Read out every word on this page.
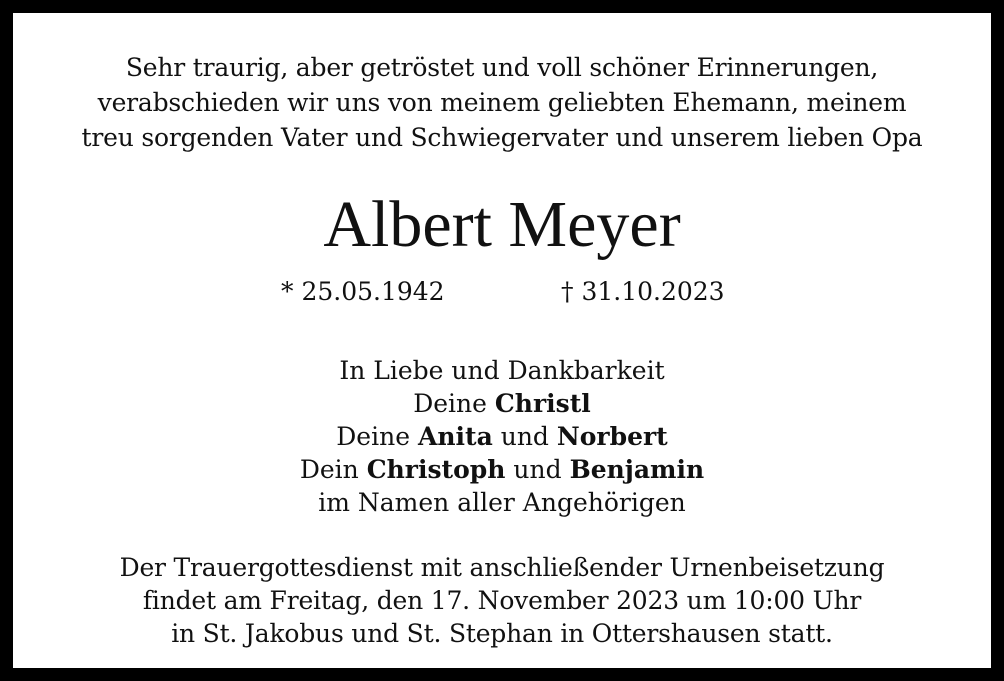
Sehr traurig, aber getröstet und voll schöner Erinnerungen,
verabschieden wir uns von meinem geliebten Ehemann, meinem
treu sorgenden Vater und Schwiegervater und unserem lieben Opa
Albert Meyer
* 25.05.1942	† 31.10.2023
In Liebe und Dankbarkeit
Deine Christl
Deine Anita und Norbert
Dein Christoph und Benjamin
im Namen aller Angehörigen
Der Trauergottesdienst mit anschließender Urnenbeisetzung
findet am Freitag, den 17. November 2023 um 10:00 Uhr
in St. Jakobus und St. Stephan in Ottershausen statt.
